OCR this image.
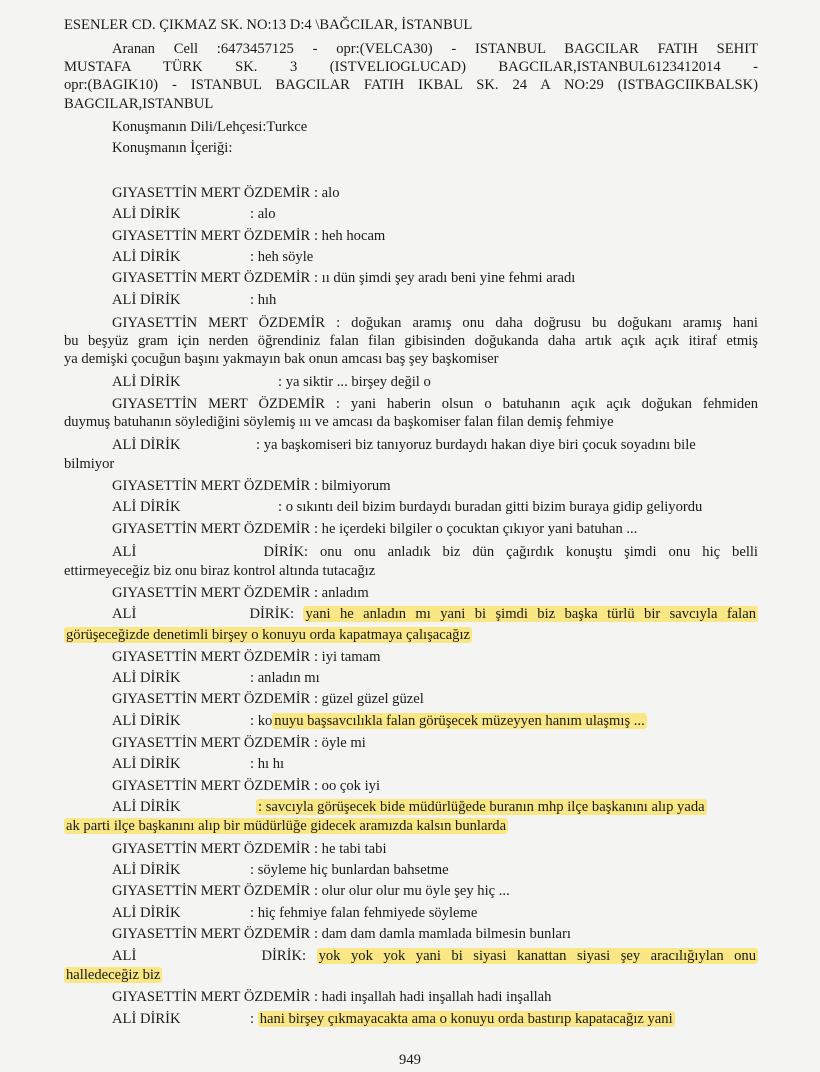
ESENLER CD. ÇIKMAZ SK. NO:13 D:4 \BAĞCILAR, İSTANBUL
Aranan Cell :6473457125 - opr:(VELCA30) - ISTANBUL BAGCILAR FATIH SEHIT
MUSTAFA TÜRK SK. 3 (ISTVELIOGLUCAD) BAGCILAR,ISTANBUL6123412014 -
opr:(BAGIK10) - ISTANBUL BAGCILAR FATIH IKBAL SK. 24 A NO:29 (ISTBAGCIIKBALSK)
BAGCILAR,ISTANBUL
Konuşmanın Dili/Lehçesi:Turkce
Konuşmanın İçeriği:
GIYASETTİN MERT ÖZDEMİR : alo
ALİ DİRİK	: alo
GIYASETTİN MERT ÖZDEMİR : heh hocam
ALİ DİRİK	: heh söyle
GIYASETTİN MERT ÖZDEMİR : ıı dün şimdi şey aradı beni yine fehmi aradı
ALİ DİRİK	: hıh
GIYASETTİN MERT ÖZDEMİR : doğukan aramış onu daha doğrusu bu doğukanı aramış hani
bu beşyüz gram için nerden öğrendiniz falan filan gibisinden doğukanda daha artık açık açık itiraf etmiş
ya demişki çocuğun başını yakmayın bak onun amcası baş şey başkomiser
ALİ DİRİK	: ya siktir ... birşey değil o
GIYASETTİN MERT ÖZDEMİR : yani haberin olsun o batuhanın açık açık doğukan fehmiden
duymuş batuhanın söylediğini söylemiş ııı ve amcası da başkomiser falan filan demiş fehmiye
ALİ DİRİK	: ya başkomiseri biz tanıyoruz burdaydı hakan diye biri çocuk soyadını bile
bilmiyor
GIYASETTİN MERT ÖZDEMİR : bilmiyorum
ALİ DİRİK	: o sıkıntı deil bizim burdaydı buradan gitti bizim buraya gidip geliyordu
GIYASETTİN MERT ÖZDEMİR : he içerdeki bilgiler o çocuktan çıkıyor yani batuhan ...
ALİ DİRİK: onu onu anladık biz dün çağırdık konuştu şimdi onu hiç belli
ettirmeyeceğiz biz onu biraz kontrol altında tutacağız
GIYASETTİN MERT ÖZDEMİR : anladım
ALİ DİRİK: yani he anladın mı yani bi şimdi biz başka türlü bir savcıyla falan
görüşeceğizde denetimli birşey o konuyu orda kapatmaya çalışacağız
GIYASETTİN MERT ÖZDEMİR : iyi tamam
ALİ DİRİK	: anladın mı
GIYASETTİN MERT ÖZDEMİR : güzel güzel güzel
ALİ DİRİK	: ko nuyu başsavcılıkla falan görüşecek müzeyyen hanım ulaşmış ...
GIYASETTİN MERT ÖZDEMİR : öyle mi
ALİ DİRİK	: hı hı
GIYASETTİN MERT ÖZDEMİR : oo çok iyi
ALİ DİRİK	: savcıyla görüşecek bide müdürlüğede buranın mhp ilçe başkanını alıp yada
ak parti ilçe başkanını alıp bir müdürlüğe gidecek aramızda kalsın bunlarda
GIYASETTİN MERT ÖZDEMİR : he tabi tabi
ALİ DİRİK	: söyleme hiç bunlardan bahsetme
GIYASETTİN MERT ÖZDEMİR : olur olur olur mu öyle şey hiç ...
ALİ DİRİK	: hiç fehmiye falan fehmiyede söyleme
GIYASETTİN MERT ÖZDEMİR : dam dam damla mamlada bilmesin bunları
ALİ DİRİK: yok yok yok yani bi siyasi kanattan siyasi şey aracılığıylan onu
halledeceğiz biz
GIYASETTİN MERT ÖZDEMİR : hadi inşallah hadi inşallah hadi inşallah
ALİ DİRİK	: hani birşey çıkmayacakta ama o konuyu orda bastırıp kapatacağız yani
949
